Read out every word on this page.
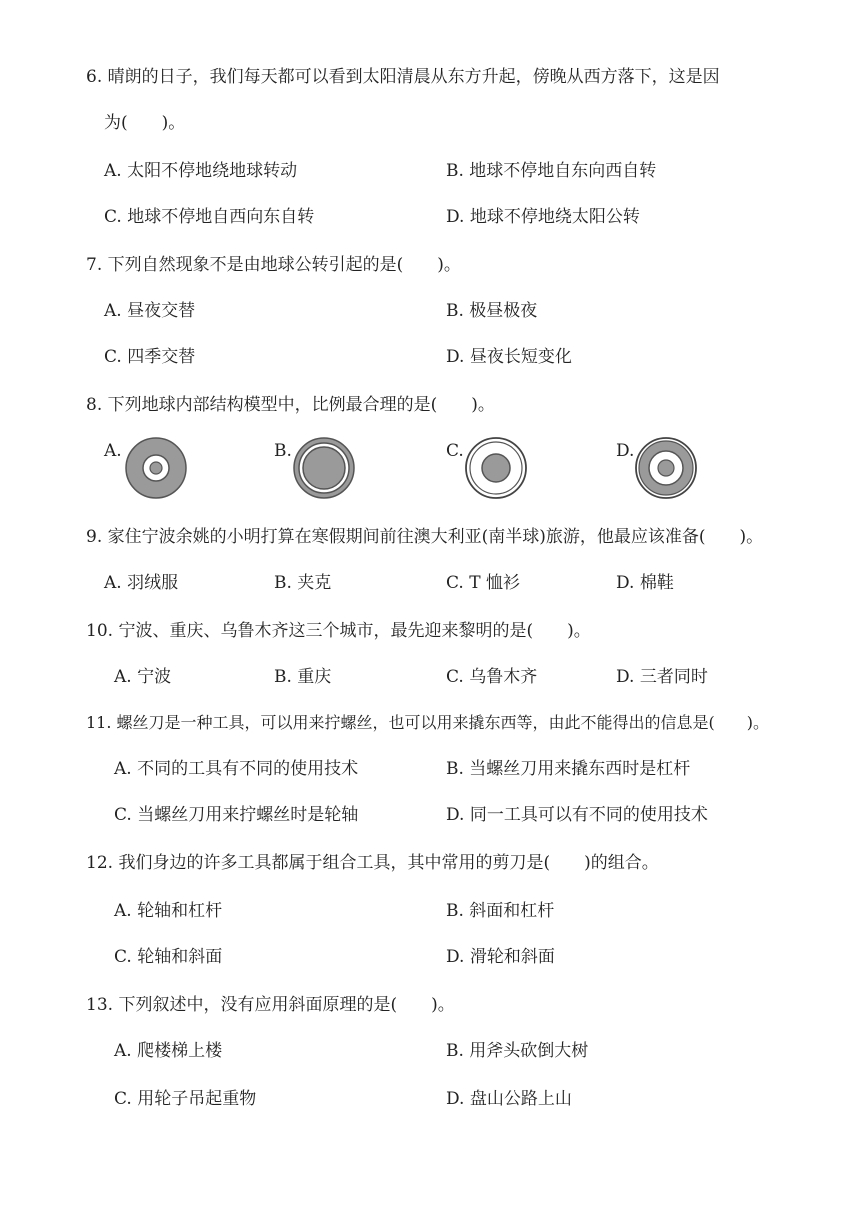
6. 晴朗的日子，我们每天都可以看到太阳清晨从东方升起，傍晚从西方落下，这是因
为(　　)。
A. 太阳不停地绕地球转动	B. 地球不停地自东向西自转
C. 地球不停地自西向东自转	D. 地球不停地绕太阳公转
7. 下列自然现象不是由地球公转引起的是(　　)。
A. 昼夜交替	B. 极昼极夜
C. 四季交替	D. 昼夜长短变化
8. 下列地球内部结构模型中，比例最合理的是(　　)。
A.	B.	C.	D.
9. 家住宁波余姚的小明打算在寒假期间前往澳大利亚(南半球)旅游，他最应该准备(　　)。
A. 羽绒服	B. 夹克	C. T 恤衫	D. 棉鞋
10. 宁波、重庆、乌鲁木齐这三个城市，最先迎来黎明的是(　　)。
A. 宁波	B. 重庆	C. 乌鲁木齐	D. 三者同时
11. 螺丝刀是一种工具，可以用来拧螺丝，也可以用来撬东西等，由此不能得出的信息是(　　)。
A. 不同的工具有不同的使用技术	B. 当螺丝刀用来撬东西时是杠杆
C. 当螺丝刀用来拧螺丝时是轮轴	D. 同一工具可以有不同的使用技术
12. 我们身边的许多工具都属于组合工具，其中常用的剪刀是(　　)的组合。
A. 轮轴和杠杆	B. 斜面和杠杆
C. 轮轴和斜面	D. 滑轮和斜面
13. 下列叙述中，没有应用斜面原理的是(　　)。
A. 爬楼梯上楼	B. 用斧头砍倒大树
C. 用轮子吊起重物	D. 盘山公路上山
